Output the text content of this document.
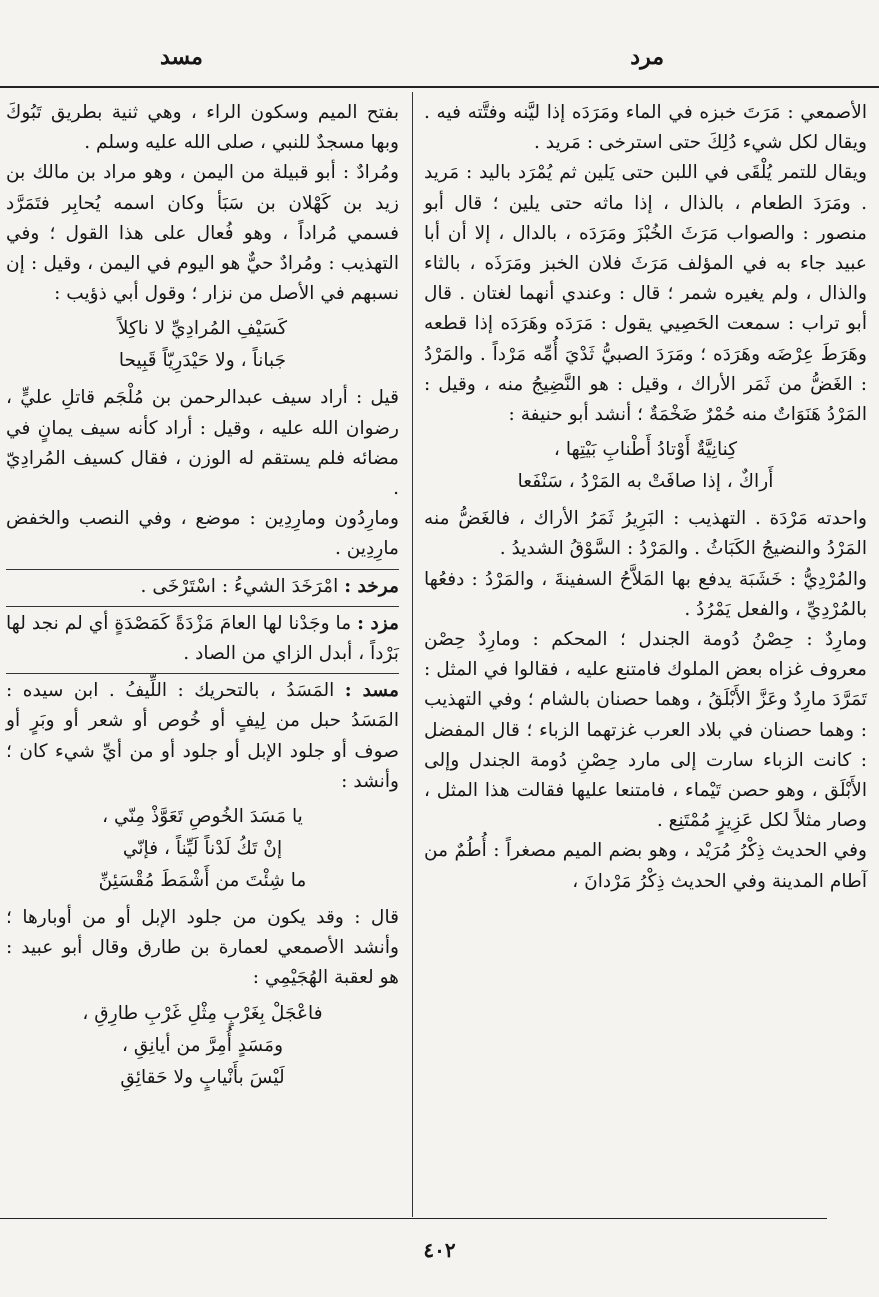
مرد
مسد

الأصمعي : مَرَتَ خبزه في الماء ومَرَدَه إذا ليَّنه وفتَّته فيه . ويقال لكل شيء دُلِكَ حتى استرخى : مَريد .

ويقال للتمر يُلْقَى في اللبن حتى يَلين ثم يُمْرَد باليد : مَريد . ومَرَدَ الطعام ، بالذال ، إذا ماثه حتى يلين ؛ قال أبو منصور : والصواب مَرَثَ الخُبْزَ ومَرَدَه ، بالدال ، إلا أن أبا عبيد جاء به في المؤلف مَرَثَ فلان الخبز ومَرَذَه ، بالثاء والذال ، ولم يغيره شمر ؛ قال : وعندي أنهما لغتان . قال أبو تراب : سمعت الحَصِيي يقول : مَرَدَه وهَرَدَه إذا قطعه وهَرَطَ عِرْضَه وهَرَدَه ؛ ومَرَدَ الصبيُّ ثَدْيَ أُمِّه مَرْداً . والمَرْدُ : الغَضُّ من ثَمَر الأراك ، وقيل : هو النَّضِيجُ منه ، وقيل : المَرْدُ هَنَوَاتٌ منه حُمْرٌ ضَخْمَةٌ ؛ أنشد أبو حنيفة :

كِنانِيَّةٌ أَوْتادُ أَطْنابِ بَيْتِها ،
أَراكٌ ، إذا صافَتْ به المَرْدُ ، سَنْفَعا

واحدته مَرْدَة . التهذيب : البَرِيرُ ثَمَرُ الأراك ، فالغَضُّ منه المَرْدُ والنضيجُ الكَبَاثُ . والمَرْدُ : السَّوْقُ الشديدُ .

والمُرْدِيُّ : خَشَبَة يدفع بها المَلاَّحُ السفينةَ ، والمَرْدُ : دفعُها بالمُرْدِيِّ ، والفعل يَمْرُدُ .

ومارِدٌ : حِصْنُ دُومة الجندل ؛ المحكم : ومارِدٌ حِصْن معروف غزاه بعض الملوك فامتنع عليه ، فقالوا في المثل : تَمَرَّدَ مارِدٌ وعَزَّ الأَبْلَقُ ، وهما حصنان بالشام ؛ وفي التهذيب : وهما حصنان في بلاد العرب غزتهما الزباء ؛ قال المفضل : كانت الزباء سارت إلى مارد حِصْنِ دُومة الجندل وإلى الأَبْلَق ، وهو حصن تَيْماء ، فامتنعا عليها فقالت هذا المثل ، وصار مثلاً لكل عَزِيزٍ مُمْتَنِع .

وفي الحديث ذِكْرُ مُرَيْد ، وهو بضم الميم مصغراً : أُطُمٌ من آطام المدينة وفي الحديث ذِكْرُ مَرْدانَ ،

بفتح الميم وسكون الراء ، وهي ثنية بطريق تَبُوكَ وبها مسجدٌ للنبي ، صلى الله عليه وسلم .

ومُرادٌ : أبو قبيلة من اليمن ، وهو مراد بن مالك بن زيد بن كَهْلان بن سَبَأ وكان اسمه يُحابِر فتَمَرَّد فسمي مُراداً ، وهو فُعال على هذا القول ؛ وفي التهذيب : ومُرادٌ حيٌّ هو اليوم في اليمن ، وقيل : إن نسبهم في الأصل من نزار ؛ وقول أبي ذؤيب :

كَسَيْفِ المُرادِيِّ لا ناكِلاً
جَباناً ، ولا حَيْدَرِيّاً قَبِيحا

قيل : أراد سيف عبدالرحمن بن مُلْجَم قاتلِ عليٍّ ، رضوان الله عليه ، وقيل : أراد كأنه سيف يمانٍ في مضائه فلم يستقم له الوزن ، فقال كسيف المُرادِيّ .

ومارِدُون ومارِدِين : موضع ، وفي النصب والخفض مارِدِين .

مرخد : امْرَخَدَ الشيءُ : اسْتَرْخَى .

مزد : ما وجَدْنا لها العامَ مَزْدَةً كَمَصْدَةٍ أي لم نجد لها بَرْداً ، أبدل الزاي من الصاد .

مسد : المَسَدُ ، بالتحريك : اللِّيفُ . ابن سيده : المَسَدُ حبل من لِيفٍ أو خُوص أو شعر أو وبَرٍ أو صوف أو جلود الإبل أو جلود أو من أيِّ شيء كان ؛ وأنشد :

يا مَسَدَ الخُوصِ تَعَوَّذْ مِنّي ،
إنْ تَكُ لَدْناً لَيِّناً ، فإنّي
ما شِئْتَ من أَشْمَطَ مُقْسَئِنِّ

قال : وقد يكون من جلود الإبل أو من أوبارها ؛ وأنشد الأصمعي لعمارة بن طارق وقال أبو عبيد : هو لعقبة الهُجَيْمِي :

فاعْجَلْ بِغَرْبٍ مِثْلِ غَرْبِ طارِقِ ،
ومَسَدٍ أُمِرَّ من أيانِقِ ،
لَيْسَ بأَنْيابٍ ولا حَقائِقِ

٤٠٢
